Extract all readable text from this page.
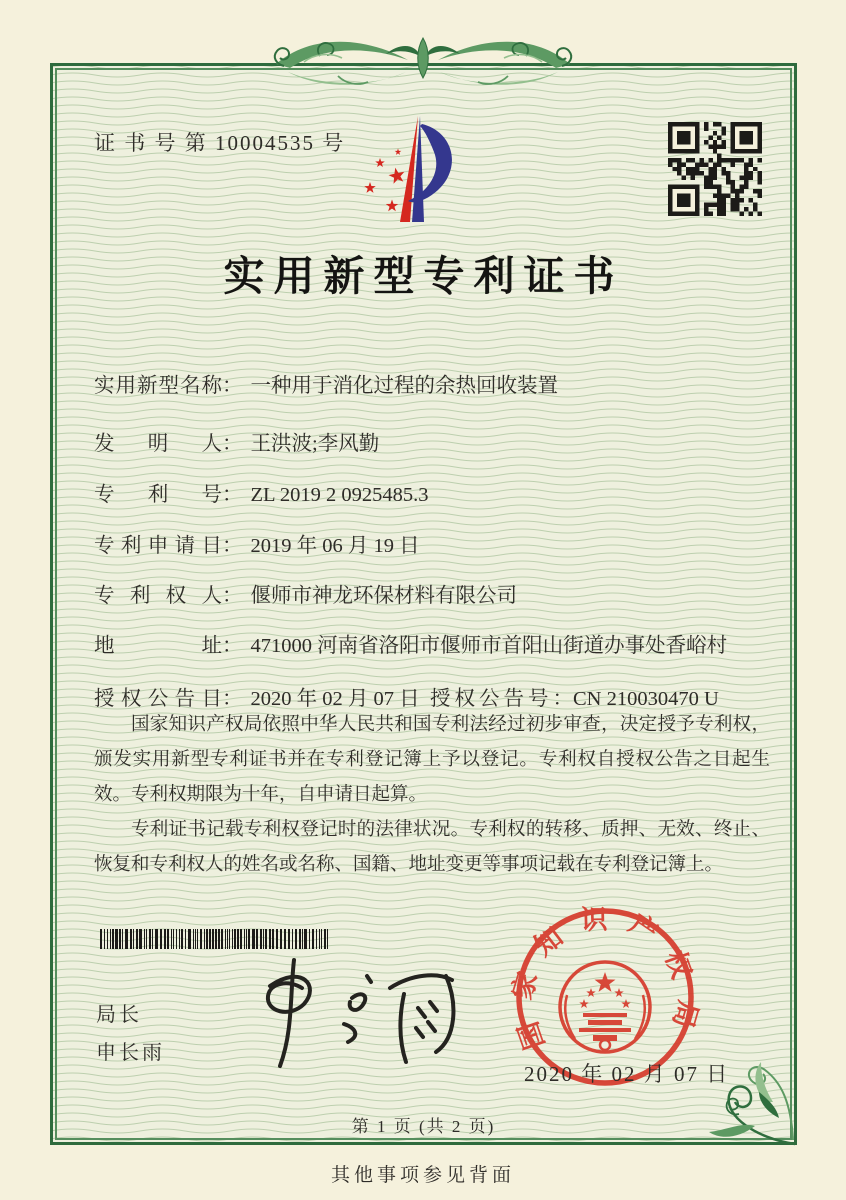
证 书 号 第 10004535 号
实用新型专利证书
实用新型名称： 一种用于消化过程的余热回收装置
发明人： 王洪波;李风勤
专利号： ZL 2019 2 0925485.3
专利申请日： 2019 年 06 月 19 日
专利权人： 偃师市神龙环保材料有限公司
地址： 471000 河南省洛阳市偃师市首阳山街道办事处香峪村
授权公告日： 2020 年 02 月 07 日 授权公告号：CN 210030470 U

国家知识产权局依照中华人民共和国专利法经过初步审查，决定授予专利权，颁发实用新型专利证书并在专利登记簿上予以登记。专利权自授权公告之日起生效。专利权期限为十年，自申请日起算。

专利证书记载专利权登记时的法律状况。专利权的转移、质押、无效、终止、恢复和专利权人的姓名或名称、国籍、地址变更等事项记载在专利登记簿上。

局长
申长雨	国家知识产权局
2020 年 02 月 07 日
第 1 页 (共 2 页)
其他事项参见背面
